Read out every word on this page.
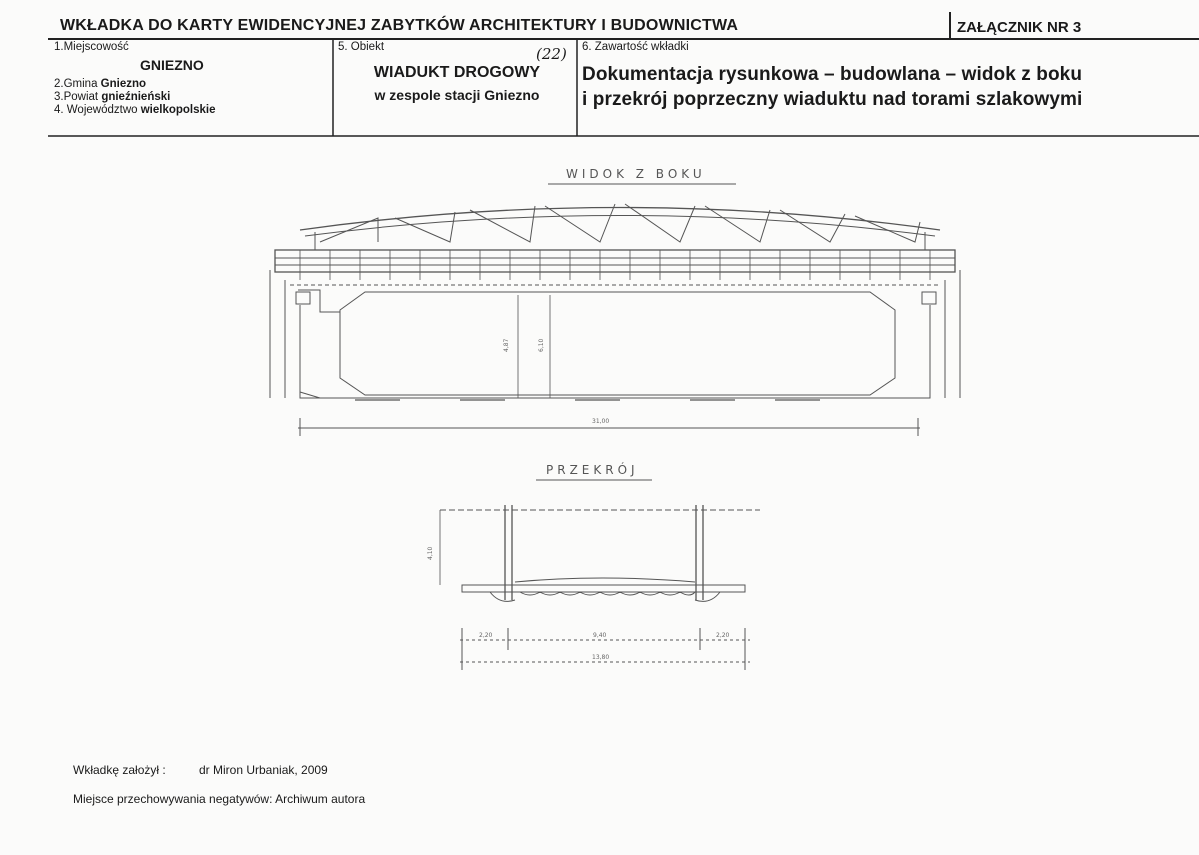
WKŁADKA DO KARTY EWIDENCYJNEJ ZABYTKÓW ARCHITEKTURY I BUDOWNICTWA	ZAŁĄCZNIK NR 3
1.Miejscowość
GNIEZNO
2.Gmina Gniezno
3.Powiat gnieźnieński
4. Województwo wielkopolskie
5. Obiekt	(22)
WIADUKT DROGOWY
w zespole stacji Gniezno
6. Zawartość wkładki
Dokumentacja rysunkowa – budowlana – widok z boku
i przekrój poprzeczny wiaduktu nad torami szlakowymi
WIDOK Z BOKU
4,87	6,10
31,00
PRZEKRÓJ
4,10
2,20	9,40	2,20
13,80
Wkładkę założył :	dr Miron Urbaniak, 2009
Miejsce przechowywania negatywów: Archiwum autora
